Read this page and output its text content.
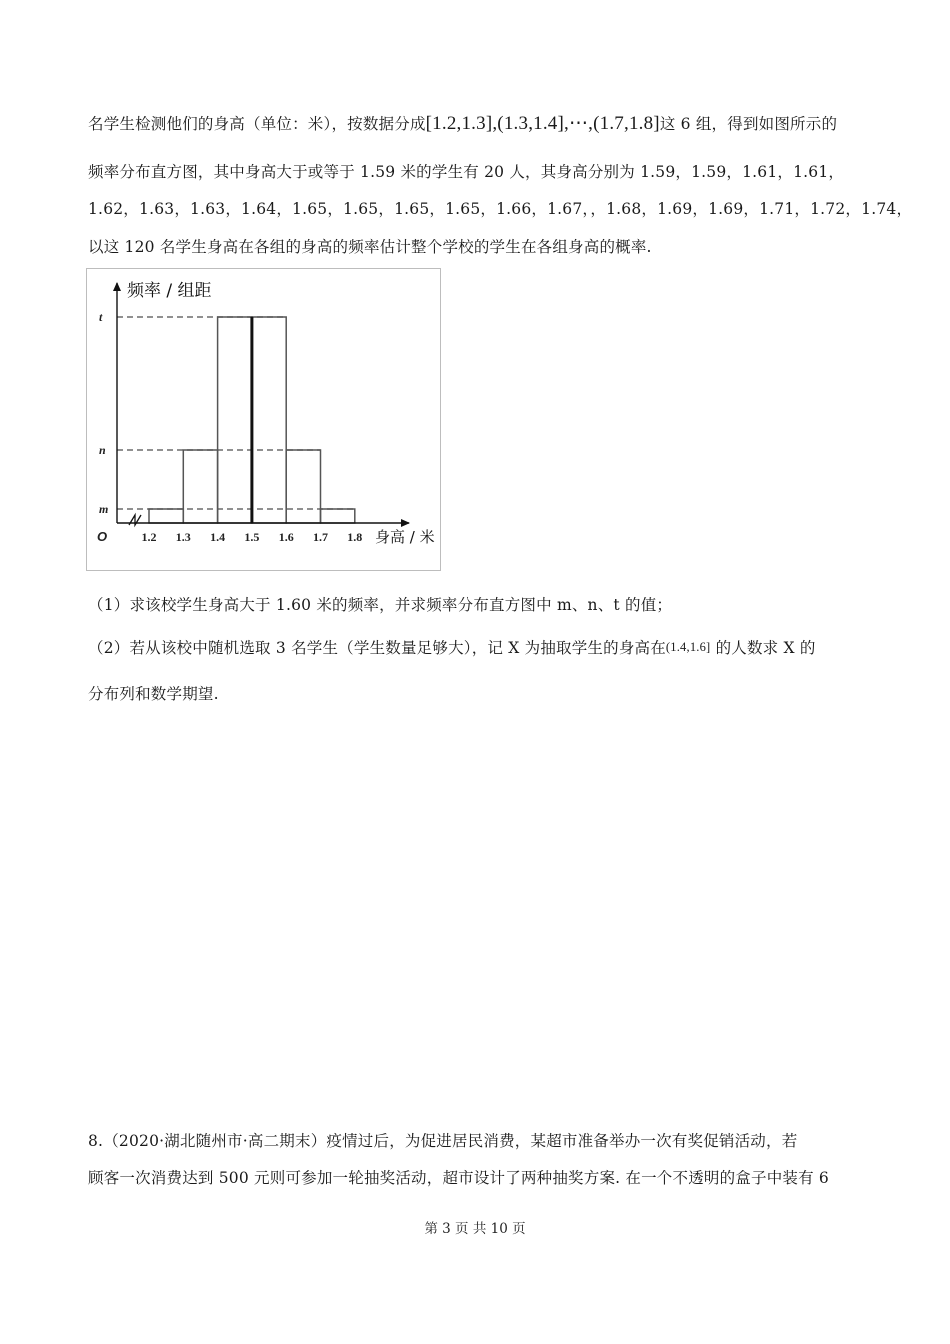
名学生检测他们的身高（单位：米），按数据分成[1.2,1.3],(1.3,1.4],⋯,(1.7,1.8]这 6 组，得到如图所示的
频率分布直方图，其中身高大于或等于 1.59 米的学生有 20 人，其身高分别为 1.59，1.59，1.61，1.61，
1.62，1.63，1.63，1.64，1.65，1.65，1.65，1.65，1.66，1.67，，1.68，1.69，1.69，1.71，1.72，1.74，
以这 120 名学生身高在各组的身高的频率估计整个学校的学生在各组身高的概率.
频率 / 组距
m
n
t
O	1.2 1.3 1.4 1.5 1.6 1.7 1.8 身高 / 米
（1）求该校学生身高大于 1.60 米的频率，并求频率分布直方图中 m、n、t 的值；
（2）若从该校中随机选取 3 名学生（学生数量足够大），记 X 为抽取学生的身高在(1.4,1.6] 的人数求 X 的
分布列和数学期望.
8.（2020·湖北随州市·高二期末）疫情过后，为促进居民消费，某超市准备举办一次有奖促销活动，若
顾客一次消费达到 500 元则可参加一轮抽奖活动，超市设计了两种抽奖方案. 在一个不透明的盒子中装有 6
第 3 页 共 10 页
